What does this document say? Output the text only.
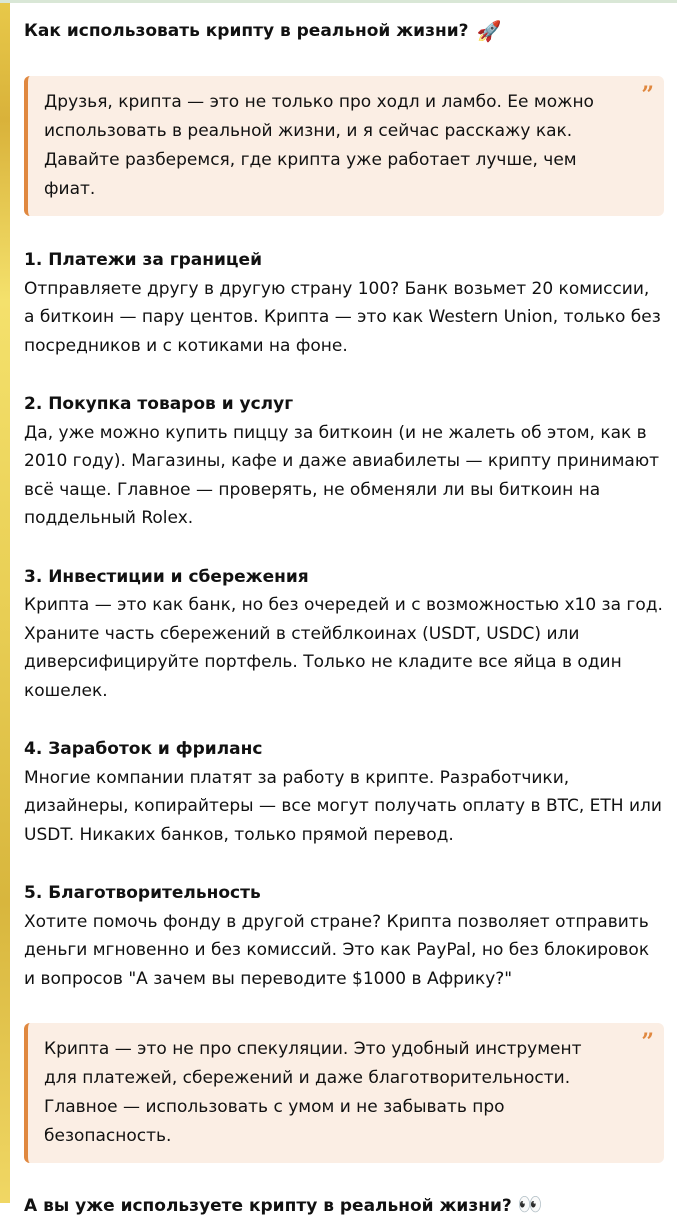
Как использовать крипту в реальной жизни? 🚀
Друзья, крипта — это не только про ходл и ламбо. Ее можно использовать в реальной жизни, и я сейчас расскажу как. Давайте разберемся, где крипта уже работает лучше, чем фиат.
”
1. Платежи за границей
Отправляете другу в другую страну 100? Банк возьмет 20 комиссии, а биткоин — пару центов. Крипта — это как Western Union, только без посредников и с котиками на фоне.
2. Покупка товаров и услуг
Да, уже можно купить пиццу за биткоин (и не жалеть об этом, как в 2010 году). Магазины, кафе и даже авиабилеты — крипту принимают всё чаще. Главное — проверять, не обменяли ли вы биткоин на поддельный Rolex.
3. Инвестиции и сбережения
Крипта — это как банк, но без очередей и с возможностью х10 за год. Храните часть сбережений в стейблкоинах (USDT, USDC) или диверсифицируйте портфель. Только не кладите все яйца в один кошелек.
4. Заработок и фриланс
Многие компании платят за работу в крипте. Разработчики, дизайнеры, копирайтеры — все могут получать оплату в BTC, ETH или USDT. Никаких банков, только прямой перевод.
5. Благотворительность
Хотите помочь фонду в другой стране? Крипта позволяет отправить деньги мгновенно и без комиссий. Это как PayPal, но без блокировок и вопросов "А зачем вы переводите $1000 в Африку?"
Крипта — это не про спекуляции. Это удобный инструмент для платежей, сбережений и даже благотворительности. Главное — использовать с умом и не забывать про безопасность.
”
А вы уже используете крипту в реальной жизни? 👀
